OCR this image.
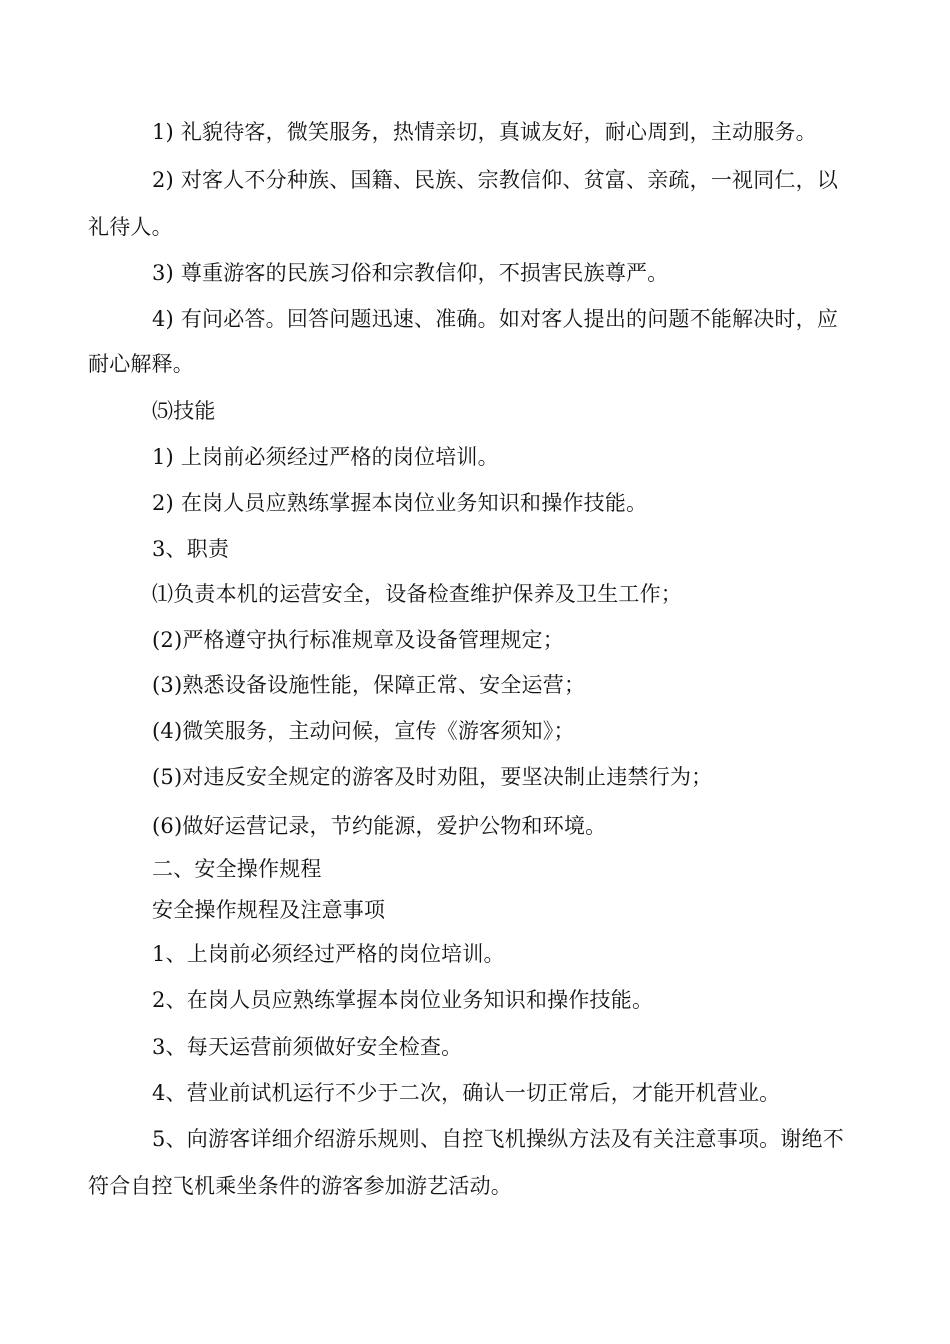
1) 礼貌待客，微笑服务，热情亲切，真诚友好，耐心周到，主动服务。

2) 对客人不分种族、国籍、民族、宗教信仰、贫富、亲疏，一视同仁，以

礼待人。

3) 尊重游客的民族习俗和宗教信仰，不损害民族尊严。

4) 有问必答。回答问题迅速、准确。如对客人提出的问题不能解决时，应

耐心解释。

⑸技能

1) 上岗前必须经过严格的岗位培训。

2) 在岗人员应熟练掌握本岗位业务知识和操作技能。

3、职责

⑴负责本机的运营安全，设备检查维护保养及卫生工作；

(2)严格遵守执行标准规章及设备管理规定；

(3)熟悉设备设施性能，保障正常、安全运营；

(4)微笑服务，主动问候，宣传《游客须知》；

(5)对违反安全规定的游客及时劝阻，要坚决制止违禁行为；

(6)做好运营记录，节约能源，爱护公物和环境。

二、安全操作规程

安全操作规程及注意事项

1、上岗前必须经过严格的岗位培训。

2、在岗人员应熟练掌握本岗位业务知识和操作技能。

3、每天运营前须做好安全检查。

4、营业前试机运行不少于二次，确认一切正常后，才能开机营业。

5、向游客详细介绍游乐规则、自控飞机操纵方法及有关注意事项。谢绝不

符合自控飞机乘坐条件的游客参加游艺活动。
